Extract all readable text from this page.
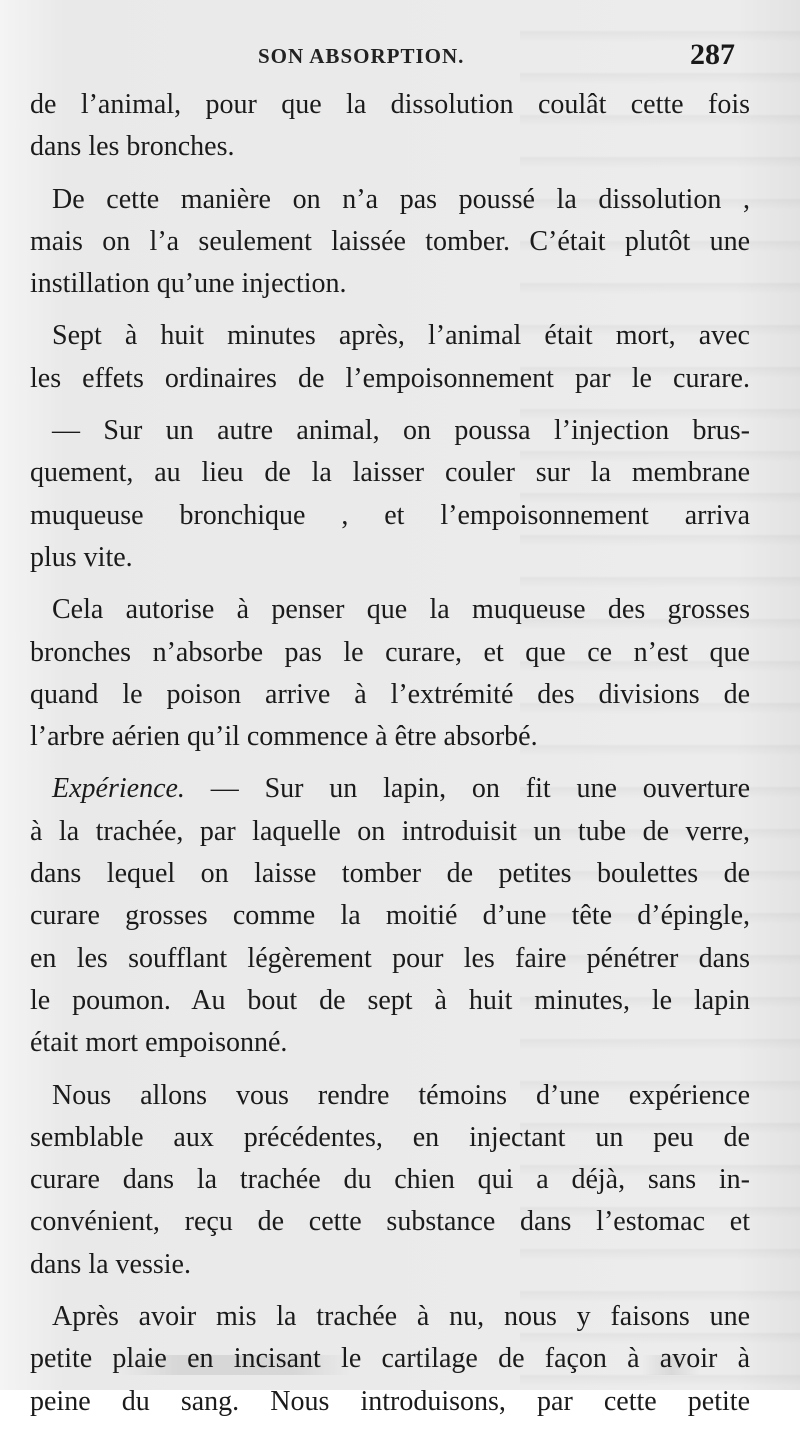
SON ABSORPTION.	287

de l’animal, pour que la dissolution coulât cette fois
dans les bronches.

De cette manière on n’a pas poussé la dissolution ,
mais on l’a seulement laissée tomber. C’était plutôt une
instillation qu’une injection.

Sept à huit minutes après, l’animal était mort, avec
les effets ordinaires de l’empoisonnement par le curare.

— Sur un autre animal, on poussa l’injection brus-
quement, au lieu de la laisser couler sur la membrane
muqueuse bronchique , et l’empoisonnement arriva
plus vite.

Cela autorise à penser que la muqueuse des grosses
bronches n’absorbe pas le curare, et que ce n’est que
quand le poison arrive à l’extrémité des divisions de
l’arbre aérien qu’il commence à être absorbé.

Expérience. — Sur un lapin, on fit une ouverture
à la trachée, par laquelle on introduisit un tube de verre,
dans lequel on laisse tomber de petites boulettes de
curare grosses comme la moitié d’une tête d’épingle,
en les soufflant légèrement pour les faire pénétrer dans
le poumon. Au bout de sept à huit minutes, le lapin
était mort empoisonné.

Nous allons vous rendre témoins d’une expérience
semblable aux précédentes, en injectant un peu de
curare dans la trachée du chien qui a déjà, sans in-
convénient, reçu de cette substance dans l’estomac et
dans la vessie.

Après avoir mis la trachée à nu, nous y faisons une
petite plaie en incisant le cartilage de façon à avoir à
peine du sang. Nous introduisons, par cette petite
